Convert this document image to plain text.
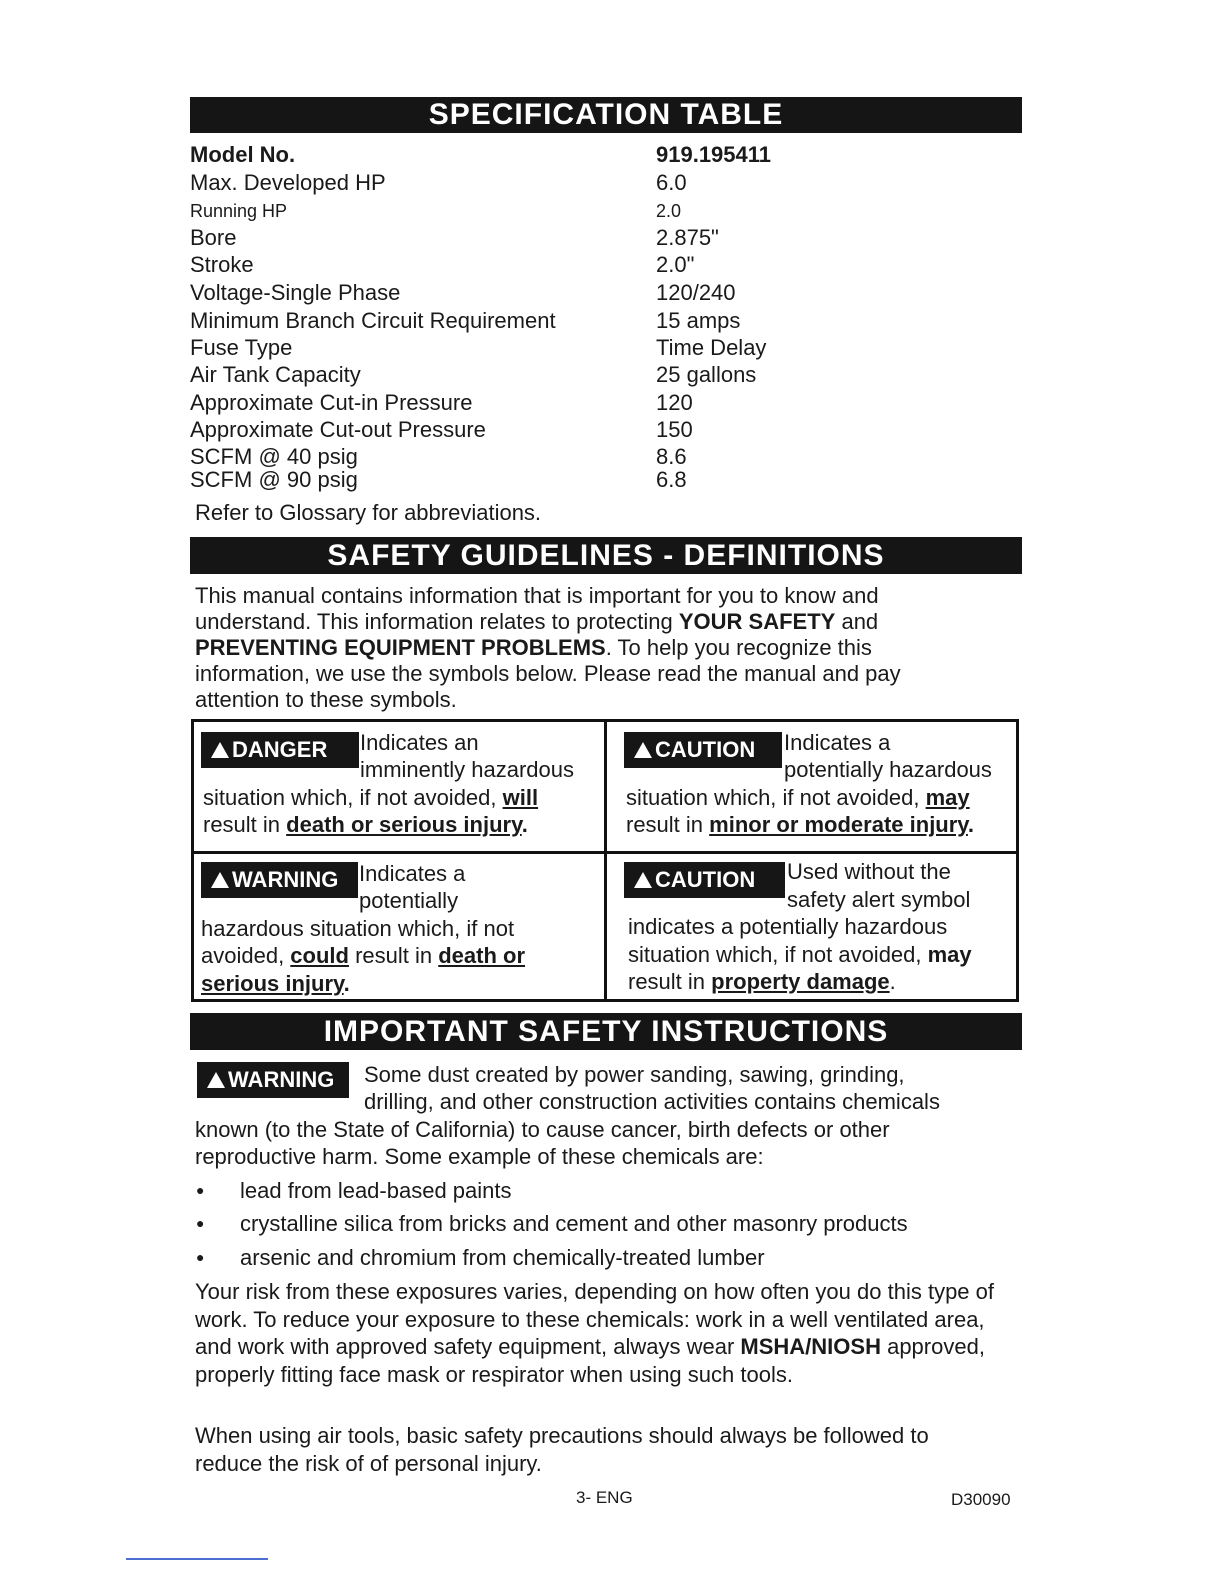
SPECIFICATION TABLE
Model No.	919.195411
Max. Developed HP	6.0
Running HP	2.0
Bore	2.875"
Stroke	2.0"
Voltage-Single Phase	120/240
Minimum Branch Circuit Requirement	15 amps
Fuse Type	Time Delay
Air Tank Capacity	25 gallons
Approximate Cut-in Pressure	120
Approximate Cut-out Pressure	150
SCFM @ 40 psig	8.6
SCFM @ 90 psig	6.8
Refer to Glossary for abbreviations.
SAFETY GUIDELINES - DEFINITIONS
This manual contains information that is important for you to know and understand. This information relates to protecting YOUR SAFETY and PREVENTING EQUIPMENT PROBLEMS. To help you recognize this information, we use the symbols below. Please read the manual and pay attention to these symbols.
DANGER	Indicates an
imminently hazardous
situation which, if not avoided, will
result in death or serious injury.
CAUTION	Indicates a
potentially hazardous
situation which, if not avoided, may
result in minor or moderate injury.
WARNING Indicates a
potentially
hazardous situation which, if not
avoided, could result in death or
serious injury.
CAUTION	Used without the
safety alert symbol
indicates a potentially hazardous
situation which, if not avoided, may
result in property damage.
IMPORTANT SAFETY INSTRUCTIONS
WARNING	Some dust created by power sanding, sawing, grinding,
drilling, and other construction activities contains chemicals
known (to the State of California) to cause cancer, birth defects or other
reproductive harm. Some example of these chemicals are:
● lead from lead-based paints
● crystalline silica from bricks and cement and other masonry products
● arsenic and chromium from chemically-treated lumber
Your risk from these exposures varies, depending on how often you do this type of work. To reduce your exposure to these chemicals: work in a well ventilated area, and work with approved safety equipment, always wear MSHA/NIOSH approved, properly fitting face mask or respirator when using such tools.
When using air tools, basic safety precautions should always be followed to reduce the risk of of personal injury.
3- ENG	D30090
